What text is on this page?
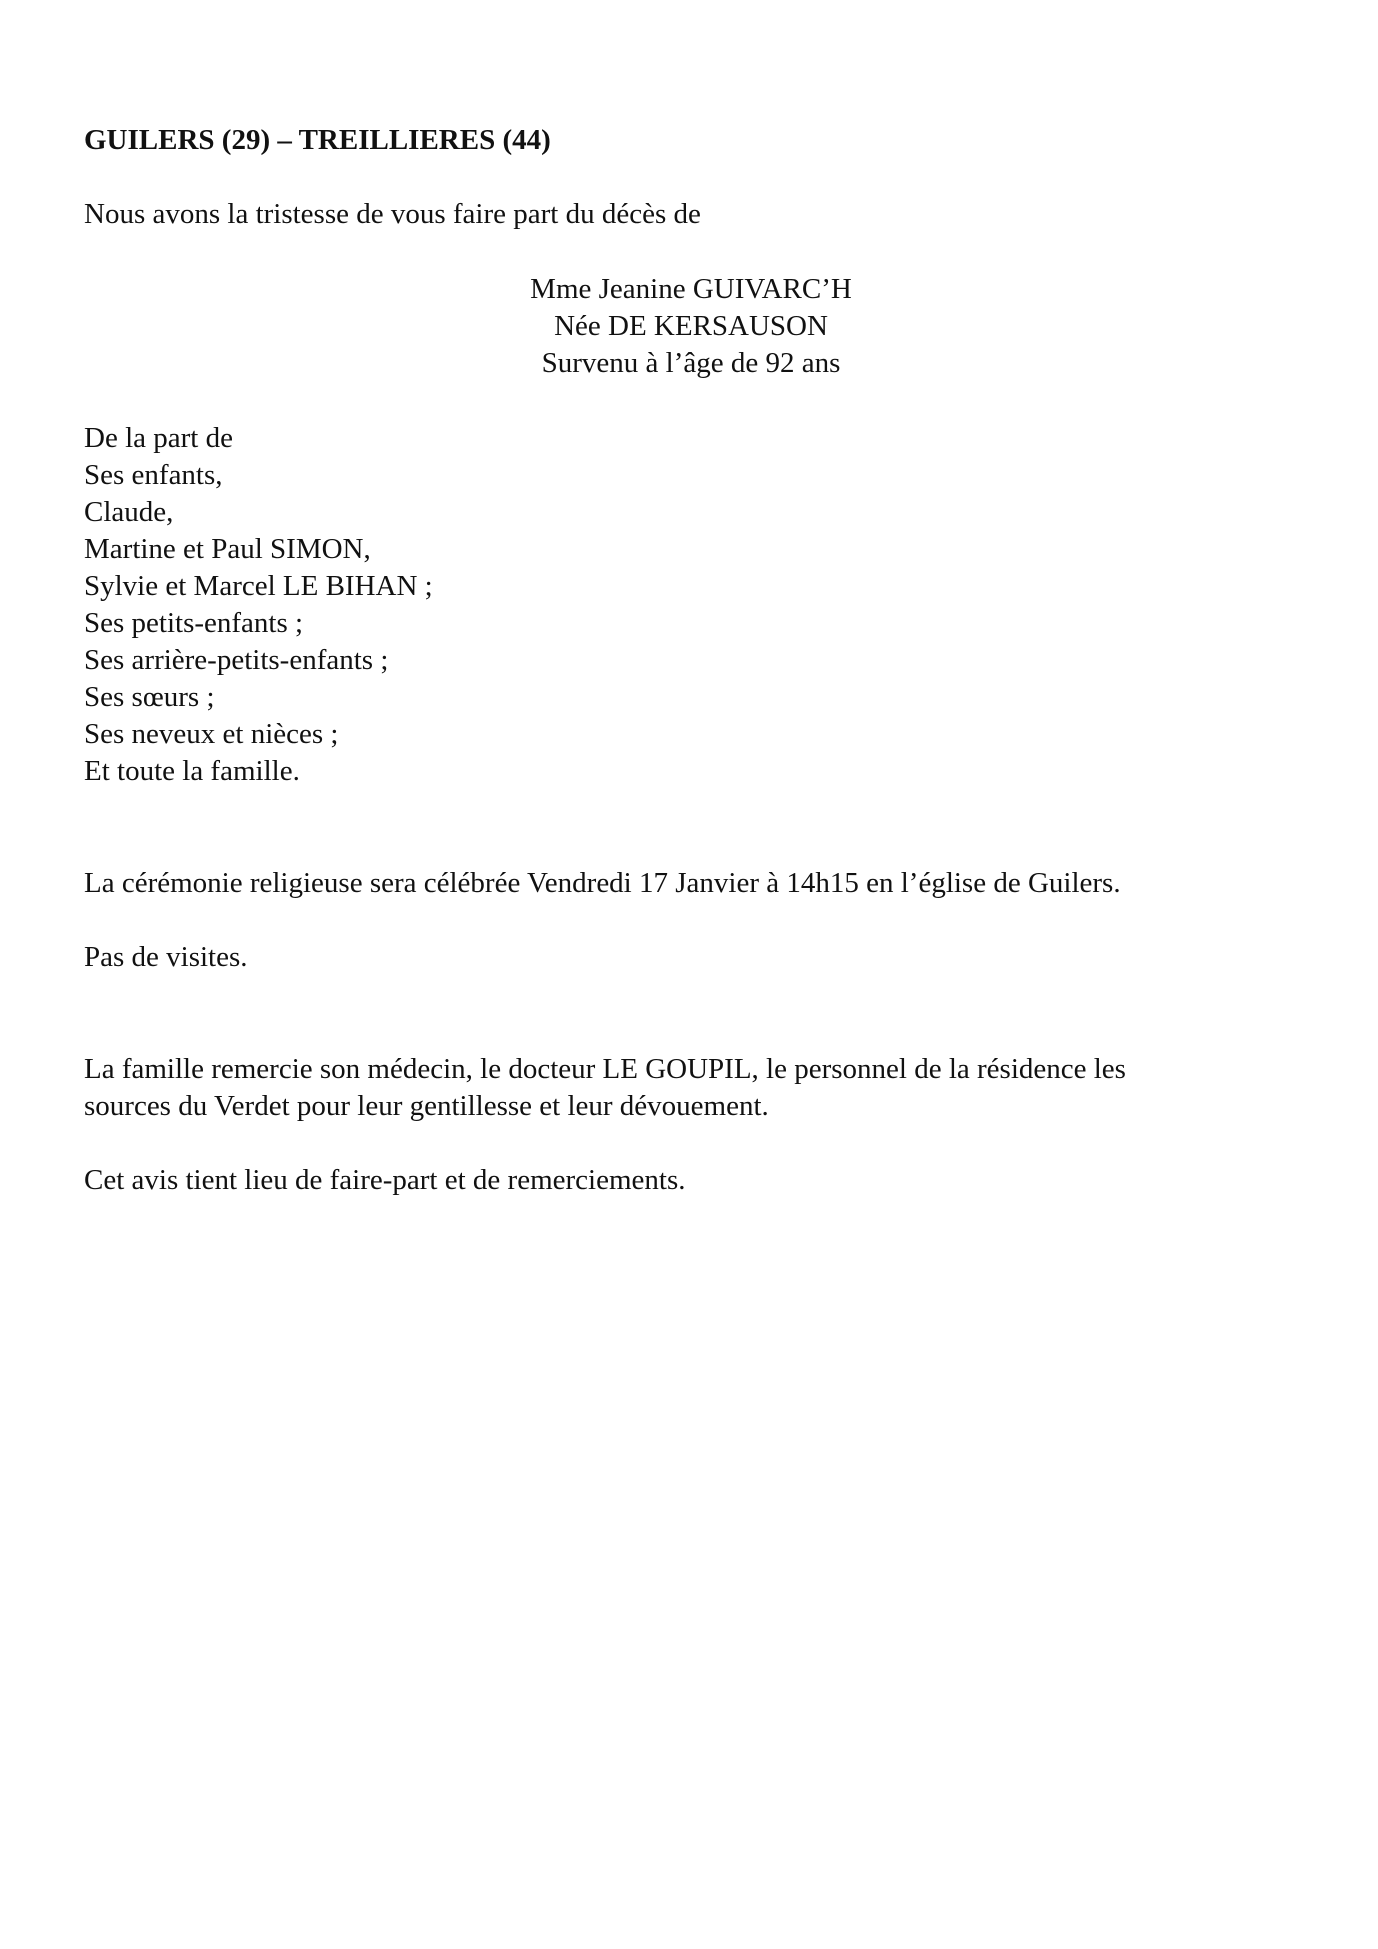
GUILERS (29) – TREILLIERES (44)
Nous avons la tristesse de vous faire part du décès de
Mme Jeanine GUIVARC’H
Née DE KERSAUSON
Survenu à l’âge de 92 ans
De la part de
Ses enfants,
Claude,
Martine et Paul SIMON,
Sylvie et Marcel LE BIHAN ;
Ses petits-enfants ;
Ses arrière-petits-enfants ;
Ses sœurs ;
Ses neveux et nièces ;
Et toute la famille.
La cérémonie religieuse sera célébrée Vendredi 17 Janvier à 14h15 en l’église de Guilers.
Pas de visites.
La famille remercie son médecin, le docteur LE GOUPIL, le personnel de la résidence les
sources du Verdet pour leur gentillesse et leur dévouement.
Cet avis tient lieu de faire-part et de remerciements.
